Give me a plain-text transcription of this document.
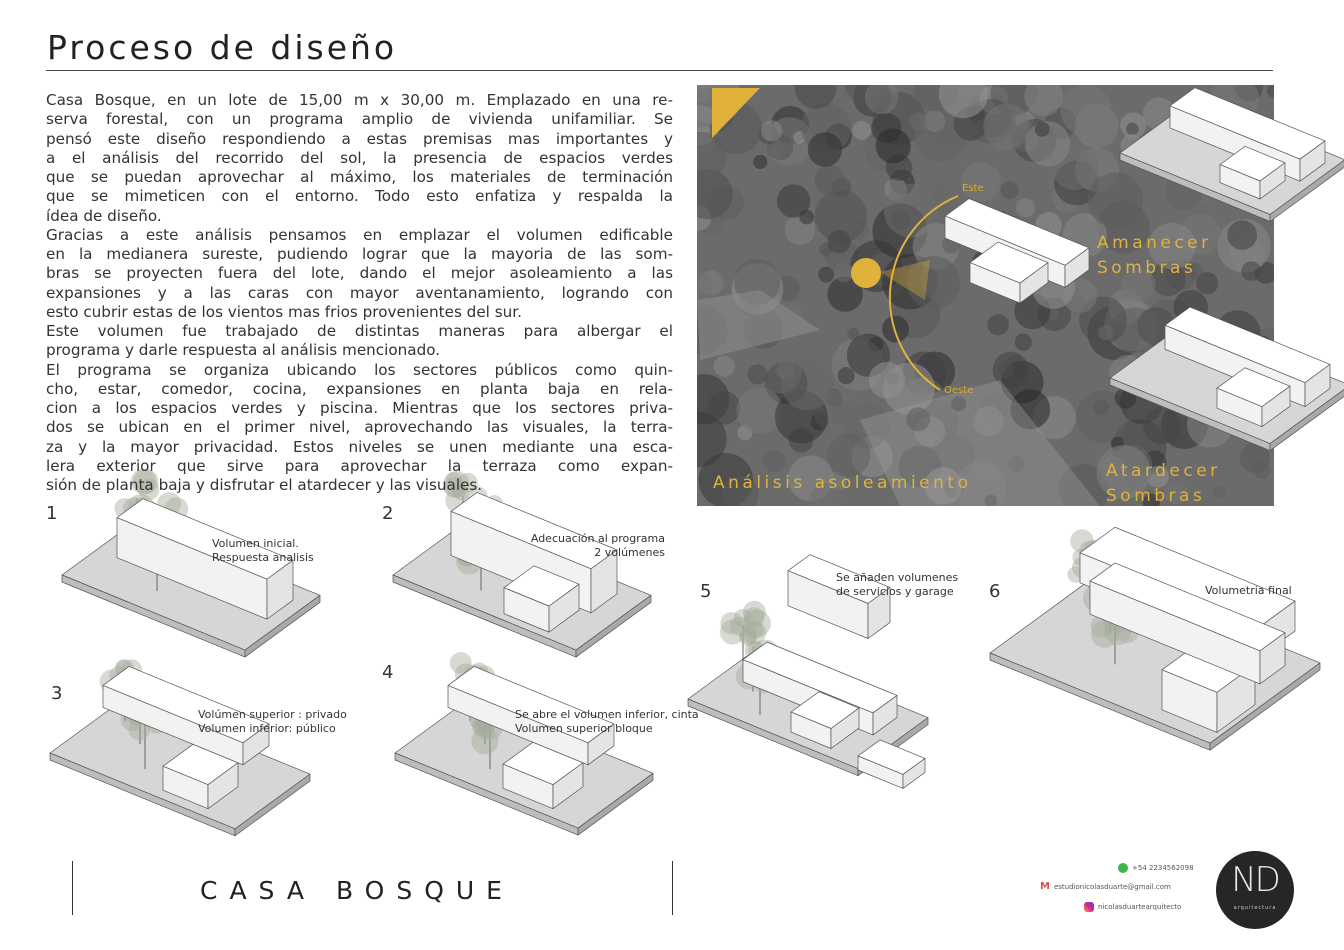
Proceso de diseño
Casa Bosque, en un lote de 15,00 m x 30,00 m. Emplazado en una re-
serva forestal, con un programa amplio de vivienda unifamiliar. Se
pensó este diseño respondiendo a estas premisas mas importantes y
a el análisis del recorrido del sol, la presencia de espacios verdes
que se puedan aprovechar al máximo, los materiales de terminación
que se mimeticen con el entorno. Todo esto enfatiza y respalda la
ídea de diseño.
Gracias a este análisis pensamos en emplazar el volumen edificable
en la medianera sureste, pudiendo lograr que la mayoria de las som-
bras se proyecten fuera del lote, dando el mejor asoleamiento a las
expansiones y a las caras con mayor aventanamiento, logrando con
esto cubrir estas de los vientos mas frios provenientes del sur.
Este volumen fue trabajado de distintas maneras para albergar el
programa y darle respuesta al análisis mencionado.
El programa se organiza ubicando los sectores públicos como quin-
cho, estar, comedor, cocina, expansiones en planta baja en rela-
cion a los espacios verdes y piscina. Mientras que los sectores priva-
dos se ubican en el primer nivel, aprovechando las visuales, la terra-
za y la mayor privacidad. Estos niveles se unen mediante una esca-
lera exterior que sirve para aprovechar la terraza como expan-
sión de planta baja y disfrutar el atardecer y las visuales.
Este
Oeste
Amanecer
Sombras
Atardecer
Sombras
Análisis asoleamiento
1
Volumen inicial.
Respuesta analisis
2
Adecuación al programa
2 volúmenes
3
Volúmen superior : privado
Volumen inferior: público
4
Se abre el volumen inferior, cinta
Volumen superior bloque
5
Se añaden volumenes
de servicios y garage 6	Volumetria final
CASA BOSQUE
+54 2234562098
M estudionicolasduarte@gmail.com
nicolasduartearquitecto
ND
arquitectura
